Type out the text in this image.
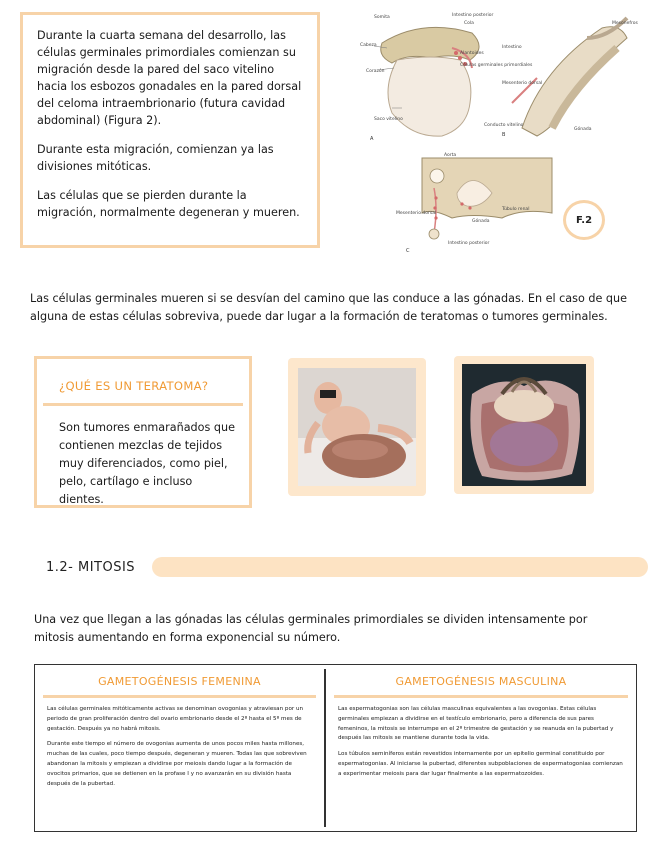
Durante la cuarta semana del desarrollo, las células germinales primordiales comienzan su migración desde la pared del saco vitelino hacia los esbozos gonadales en la pared dorsal del celoma intraembrionario (futura cavidad abdominal) (Figura 2).

Durante esta migración, comienzan ya las divisiones mitóticas.

Las células que se pierden durante la migración, normalmente degeneran y mueren.

Cabeza
Corazón
Saco vitelino
Somita	Intestino posterior
Cola
Alantoides
Células germinales primordiales
A
Intestino
Mesonefros
Mesenterio dorsal
Conducto vitelino
Gónada
B
Aorta
Mesenterio dorsal
Túbulo renal
Gónada
Intestino posterior
C
F.2

Las células germinales mueren si se desvían del camino que las conduce a las gónadas. En el caso de que alguna de estas células sobreviva, puede dar lugar a la formación de teratomas o tumores germinales.

¿QUÉ ES UN TERATOMA?

Son tumores enmarañados que contienen mezclas de tejidos muy diferenciados, como piel, pelo, cartílago e incluso dientes.

1.2- MITOSIS

Una vez que llegan a las gónadas las células germinales primordiales se dividen intensamente por mitosis aumentando en forma exponencial su número.

GAMETOGÉNESIS FEMENINA

Las células germinales mitóticamente activas se denominan ovogonias y atraviesan por un periodo de gran proliferación dentro del ovario embrionario desde el 2º hasta el 5º mes de gestación. Después ya no habrá mitosis.

Durante este tiempo el número de ovogonias aumenta de unos pocos miles hasta millones, muchas de las cuales, poco tiempo después, degeneran y mueren. Todas las que sobreviven abandonan la mitosis y empiezan a dividirse por meiosis dando lugar a la formación de ovocitos primarios, que se detienen en la profase I y no avanzarán en su división hasta después de la pubertad.

GAMETOGÉNESIS MASCULINA

Las espermatogonias son las células masculinas equivalentes a las ovogonias. Estas células germinales empiezan a dividirse en el testículo embrionario, pero a diferencia de sus pares femeninos, la mitosis se interrumpe en el 2º trimestre de gestación y se reanuda en la pubertad y después las mitosis se mantiene durante toda la vida.

Los túbulos seminíferos están revestidos internamente por un epitelio germinal constituido por espermatogonias. Al iniciarse la pubertad, diferentes subpoblaciones de espermatogonias comienzan a experimentar meiosis para dar lugar finalmente a las espermatozoides.
